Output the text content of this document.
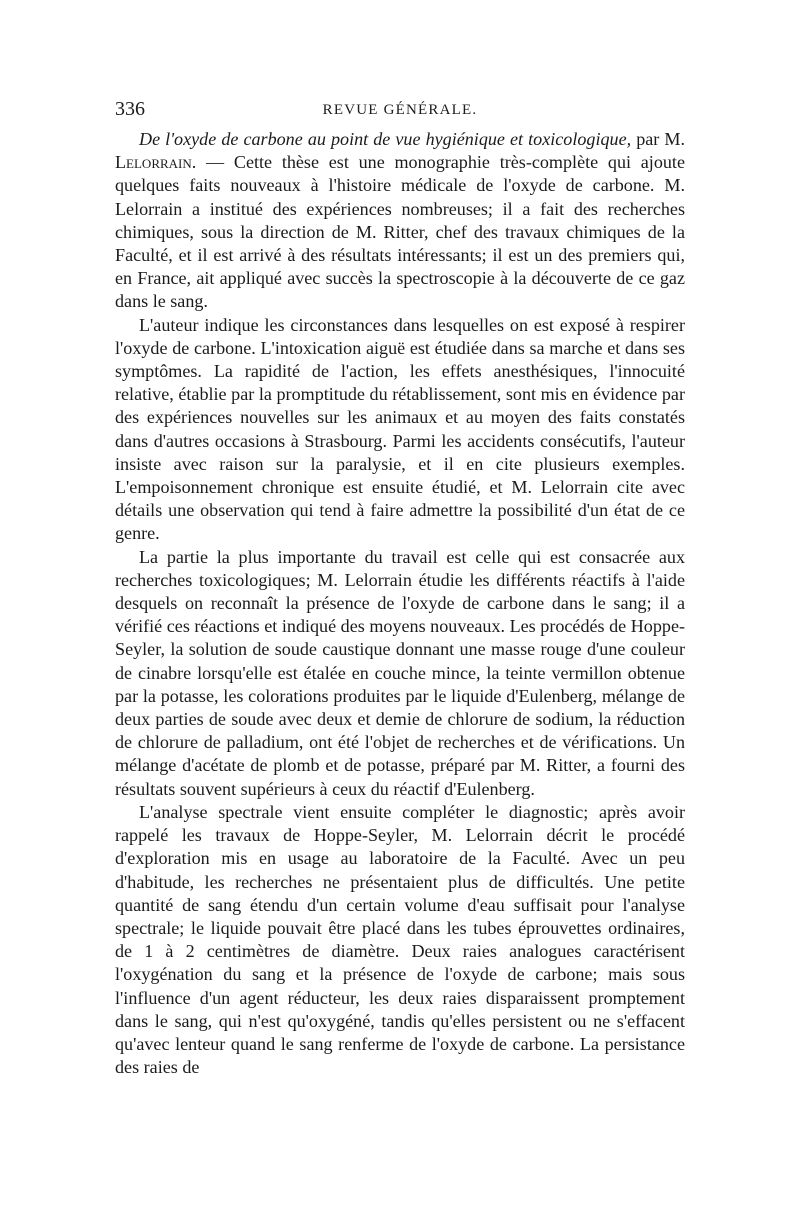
336	REVUE GÉNÉRALE.

De l'oxyde de carbone au point de vue hygiénique et toxicologique, par M. Lelorrain. — Cette thèse est une monographie très-complète qui ajoute quelques faits nouveaux à l'histoire médicale de l'oxyde de carbone. M. Lelorrain a institué des expériences nombreuses; il a fait des recherches chimiques, sous la direction de M. Ritter, chef des travaux chimiques de la Faculté, et il est arrivé à des résultats intéressants; il est un des premiers qui, en France, ait appliqué avec succès la spectroscopie à la découverte de ce gaz dans le sang.

L'auteur indique les circonstances dans lesquelles on est exposé à respirer l'oxyde de carbone. L'intoxication aiguë est étudiée dans sa marche et dans ses symptômes. La rapidité de l'action, les effets anesthésiques, l'innocuité relative, établie par la promptitude du rétablissement, sont mis en évidence par des expériences nouvelles sur les animaux et au moyen des faits constatés dans d'autres occasions à Strasbourg. Parmi les accidents consécutifs, l'auteur insiste avec raison sur la paralysie, et il en cite plusieurs exemples. L'empoisonnement chronique est ensuite étudié, et M. Lelorrain cite avec détails une observation qui tend à faire admettre la possibilité d'un état de ce genre.

La partie la plus importante du travail est celle qui est consacrée aux recherches toxicologiques; M. Lelorrain étudie les différents réactifs à l'aide desquels on reconnaît la présence de l'oxyde de carbone dans le sang; il a vérifié ces réactions et indiqué des moyens nouveaux. Les procédés de Hoppe-Seyler, la solution de soude caustique donnant une masse rouge d'une couleur de cinabre lorsqu'elle est étalée en couche mince, la teinte vermillon obtenue par la potasse, les colorations produites par le liquide d'Eulenberg, mélange de deux parties de soude avec deux et demie de chlorure de sodium, la réduction de chlorure de palladium, ont été l'objet de recherches et de vérifications. Un mélange d'acétate de plomb et de potasse, préparé par M. Ritter, a fourni des résultats souvent supérieurs à ceux du réactif d'Eulenberg.

L'analyse spectrale vient ensuite compléter le diagnostic; après avoir rappelé les travaux de Hoppe-Seyler, M. Lelorrain décrit le procédé d'exploration mis en usage au laboratoire de la Faculté. Avec un peu d'habitude, les recherches ne présentaient plus de difficultés. Une petite quantité de sang étendu d'un certain volume d'eau suffisait pour l'analyse spectrale; le liquide pouvait être placé dans les tubes éprouvettes ordinaires, de 1 à 2 centimètres de diamètre. Deux raies analogues caractérisent l'oxygénation du sang et la présence de l'oxyde de carbone; mais sous l'influence d'un agent réducteur, les deux raies disparaissent promptement dans le sang, qui n'est qu'oxygéné, tandis qu'elles persistent ou ne s'effacent qu'avec lenteur quand le sang renferme de l'oxyde de carbone. La persistance des raies de
